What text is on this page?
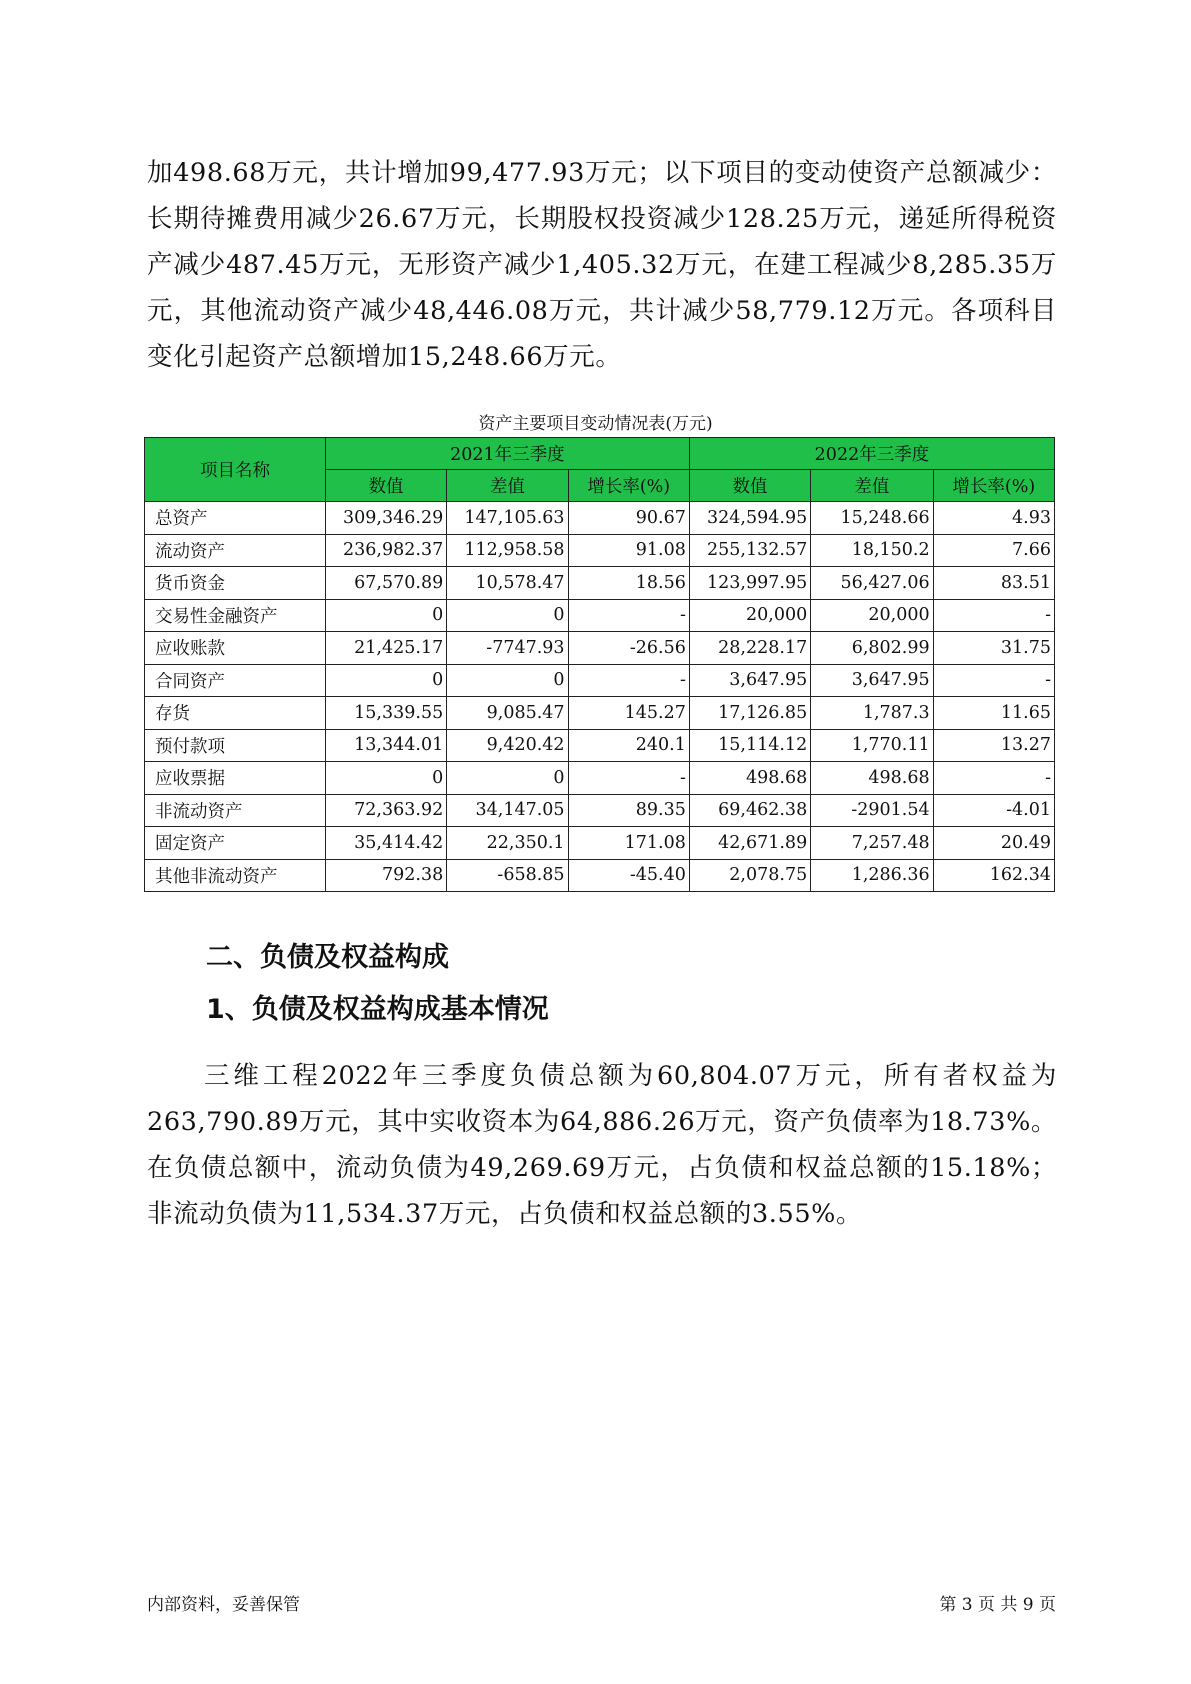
加498.68万元，共计增加99,477.93万元；以下项目的变动使资产总额减少：长期待摊费用减少26.67万元，长期股权投资减少128.25万元，递延所得税资产减少487.45万元，无形资产减少1,405.32万元，在建工程减少8,285.35万元，其他流动资产减少48,446.08万元，共计减少58,779.12万元。各项科目变化引起资产总额增加15,248.66万元。
资产主要项目变动情况表(万元)
项目名称	2021年三季度			2022年三季度		
	数值	差值	增长率(%)	数值	差值	增长率(%)
总资产	309,346.29	147,105.63	90.67	324,594.95	15,248.66	4.93
流动资产	236,982.37	112,958.58	91.08	255,132.57	18,150.2	7.66
货币资金	67,570.89	10,578.47	18.56	123,997.95	56,427.06	83.51
交易性金融资产	0	0	-	20,000	20,000	-
应收账款	21,425.17	-7747.93	-26.56	28,228.17	6,802.99	31.75
合同资产	0	0	-	3,647.95	3,647.95	-
存货	15,339.55	9,085.47	145.27	17,126.85	1,787.3	11.65
预付款项	13,344.01	9,420.42	240.1	15,114.12	1,770.11	13.27
应收票据	0	0	-	498.68	498.68	-
非流动资产	72,363.92	34,147.05	89.35	69,462.38	-2901.54	-4.01
固定资产	35,414.42	22,350.1	171.08	42,671.89	7,257.48	20.49
其他非流动资产	792.38	-658.85	-45.40	2,078.75	1,286.36	162.34
二、负债及权益构成
1、负债及权益构成基本情况
三维工程2022年三季度负债总额为60,804.07万元，所有者权益为263,790.89万元，其中实收资本为64,886.26万元，资产负债率为18.73%。在负债总额中，流动负债为49,269.69万元，占负债和权益总额的15.18%；非流动负债为11,534.37万元，占负债和权益总额的3.55%。
内部资料，妥善保管	第 3 页 共 9 页
